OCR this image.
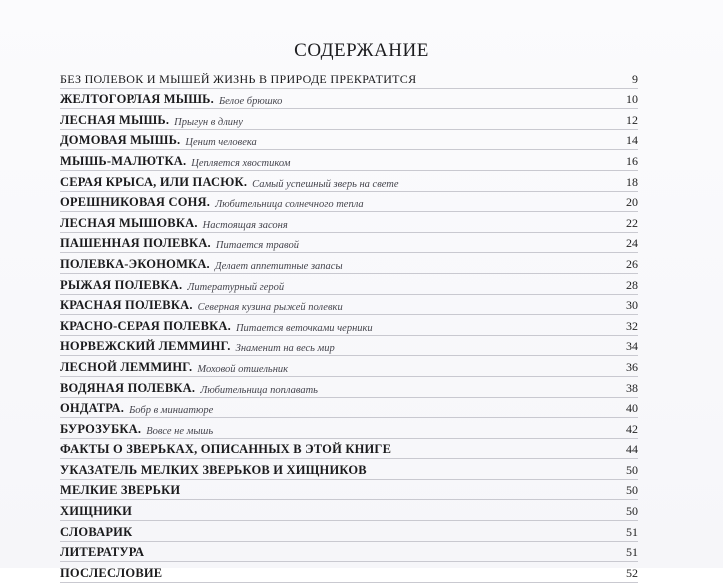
СОДЕРЖАНИЕ
БЕЗ ПОЛЕВОК И МЫШЕЙ ЖИЗНЬ В ПРИРОДЕ ПРЕКРАТИТСЯ	9
ЖЕЛТОГОРЛАЯ МЫШЬ. Белое брюшко	10
ЛЕСНАЯ МЫШЬ. Прыгун в длину	12
ДОМОВАЯ МЫШЬ. Ценит человека	14
МЫШЬ-МАЛЮТКА. Цепляется хвостиком	16
СЕРАЯ КРЫСА, ИЛИ ПАСЮК. Самый успешный зверь на свете	18
ОРЕШНИКОВАЯ СОНЯ. Любительница солнечного тепла	20
ЛЕСНАЯ МЫШОВКА. Настоящая засоня	22
ПАШЕННАЯ ПОЛЕВКА. Питается травой	24
ПОЛЕВКА-ЭКОНОМКА. Делает аппетитные запасы	26
РЫЖАЯ ПОЛЕВКА. Литературный герой	28
КРАСНАЯ ПОЛЕВКА. Северная кузина рыжей полевки	30
КРАСНО-СЕРАЯ ПОЛЕВКА. Питается веточками черники	32
НОРВЕЖСКИЙ ЛЕММИНГ. Знаменит на весь мир	34
ЛЕСНОЙ ЛЕММИНГ. Моховой отшельник	36
ВОДЯНАЯ ПОЛЕВКА. Любительница поплавать	38
ОНДАТРА. Бобр в миниатюре	40
БУРОЗУБКА. Вовсе не мышь	42
ФАКТЫ О ЗВЕРЬКАХ, ОПИСАННЫХ В ЭТОЙ КНИГЕ	44
УКАЗАТЕЛЬ МЕЛКИХ ЗВЕРЬКОВ И ХИЩНИКОВ	50
МЕЛКИЕ ЗВЕРЬКИ	50
ХИЩНИКИ	50
СЛОВАРИК	51
ЛИТЕРАТУРА	51
ПОСЛЕСЛОВИЕ	52
